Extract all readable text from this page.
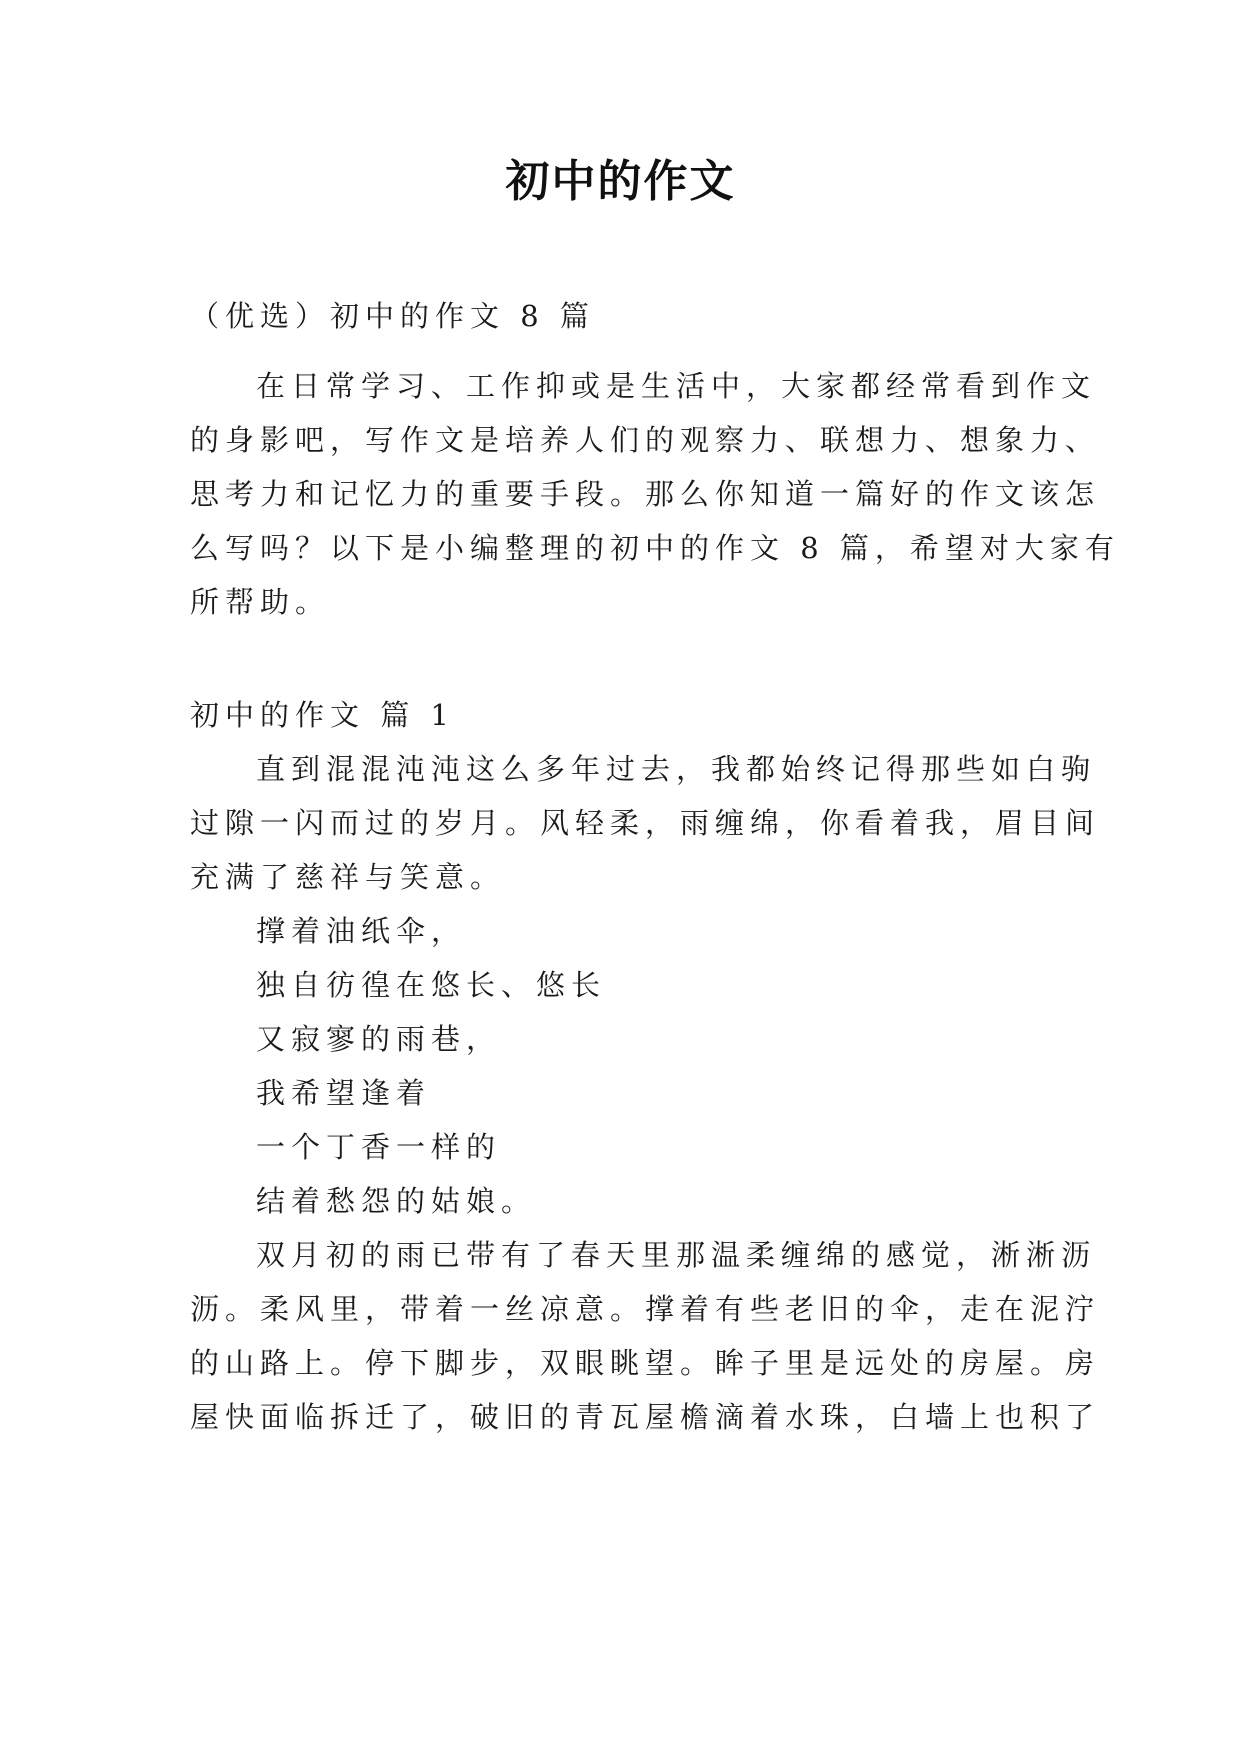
初中的作文
（优选）初中的作文 8 篇
在日常学习、工作抑或是生活中，大家都经常看到作文
的身影吧，写作文是培养人们的观察力、联想力、想象力、
思考力和记忆力的重要手段。那么你知道一篇好的作文该怎
么写吗？以下是小编整理的初中的作文 8 篇，希望对大家有
所帮助。
初中的作文 篇 1
直到混混沌沌这么多年过去，我都始终记得那些如白驹
过隙一闪而过的岁月。风轻柔，雨缠绵，你看着我，眉目间
充满了慈祥与笑意。
撑着油纸伞，
独自彷徨在悠长、悠长
又寂寥的雨巷，
我希望逢着
一个丁香一样的
结着愁怨的姑娘。
双月初的雨已带有了春天里那温柔缠绵的感觉，淅淅沥
沥。柔风里，带着一丝凉意。撑着有些老旧的伞，走在泥泞
的山路上。停下脚步，双眼眺望。眸子里是远处的房屋。房
屋快面临拆迁了，破旧的青瓦屋檐滴着水珠，白墙上也积了
